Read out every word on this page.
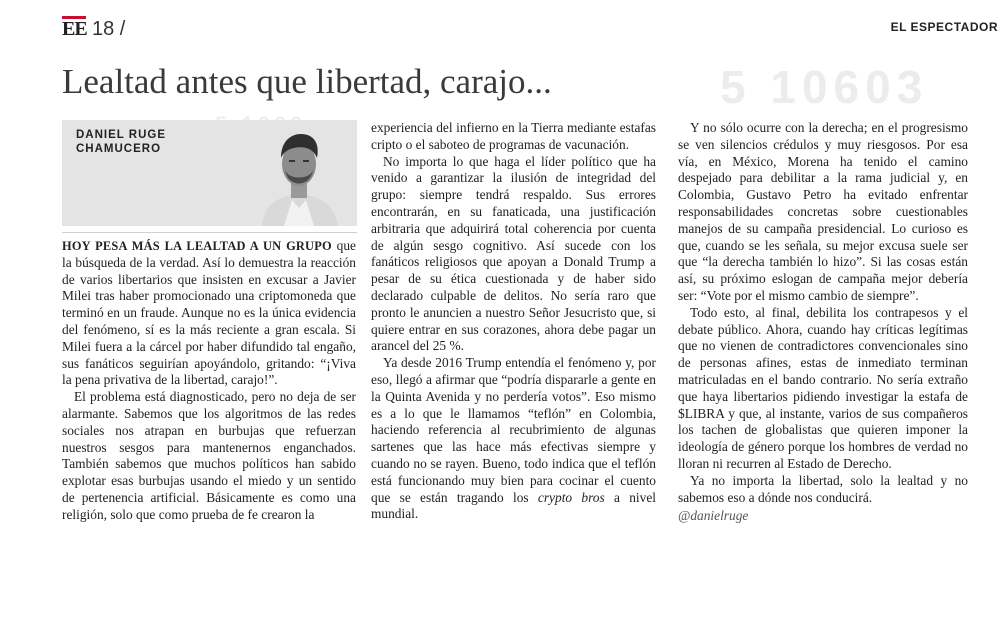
EE 18 /	EL ESPECTADOR
5 10603
Lealtad antes que libertad, carajo...
DANIEL RUGE
CHAMUCERO

HOY PESA MÁS LA LEALTAD A UN GRUPO que la búsqueda de la verdad. Así lo demuestra la reacción de varios libertarios que insisten en excusar a Javier Milei tras haber promocionado una criptomoneda que terminó en un fraude. Aunque no es la única evidencia del fenómeno, sí es la más reciente a gran escala. Si Milei fuera a la cárcel por haber difundido tal engaño, sus fanáticos seguirían apoyándolo, gritando: “¡Viva la pena privativa de la libertad, carajo!”.

El problema está diagnosticado, pero no deja de ser alarmante. Sabemos que los algoritmos de las redes sociales nos atrapan en burbujas que refuerzan nuestros sesgos para mantenernos enganchados. También sabemos que muchos políticos han sabido explotar esas burbujas usando el miedo y un sentido de pertenencia artificial. Básicamente es como una religión, solo que como prueba de fe crearon la

experiencia del infierno en la Tierra mediante estafas cripto o el saboteo de programas de vacunación.

No importa lo que haga el líder político que ha venido a garantizar la ilusión de integridad del grupo: siempre tendrá respaldo. Sus errores encontrarán, en su fanaticada, una justificación arbitraria que adquirirá total coherencia por cuenta de algún sesgo cognitivo. Así sucede con los fanáticos religiosos que apoyan a Donald Trump a pesar de su ética cuestionada y de haber sido declarado culpable de delitos. No sería raro que pronto le anuncien a nuestro Señor Jesucristo que, si quiere entrar en sus corazones, ahora debe pagar un arancel del 25 %.

Ya desde 2016 Trump entendía el fenómeno y, por eso, llegó a afirmar que “podría dispararle a gente en la Quinta Avenida y no perdería votos”. Eso mismo es a lo que le llamamos “teflón” en Colombia, haciendo referencia al recubrimiento de algunas sartenes que las hace más efectivas siempre y cuando no se rayen. Bueno, todo indica que el teflón está funcionando muy bien para cocinar el cuento que se están tragando los crypto bros a nivel mundial.

Y no sólo ocurre con la derecha; en el progresismo se ven silencios crédulos y muy riesgosos. Por esa vía, en México, Morena ha tenido el camino despejado para debilitar a la rama judicial y, en Colombia, Gustavo Petro ha evitado enfrentar responsabilidades concretas sobre cuestionables manejos de su campaña presidencial. Lo curioso es que, cuando se les señala, su mejor excusa suele ser que “la derecha también lo hizo”. Si las cosas están así, su próximo eslogan de campaña mejor debería ser: “Vote por el mismo cambio de siempre”.

Todo esto, al final, debilita los contrapesos y el debate público. Ahora, cuando hay críticas legítimas que no vienen de contradictores convencionales sino de personas afines, estas de inmediato terminan matriculadas en el bando contrario. No sería extraño que haya libertarios pidiendo investigar la estafa de $LIBRA y que, al instante, varios de sus compañeros los tachen de globalistas que quieren imponer la ideología de género porque los hombres de verdad no lloran ni recurren al Estado de Derecho.

Ya no importa la libertad, solo la lealtad y no sabemos eso a dónde nos conducirá.

@danielruge
